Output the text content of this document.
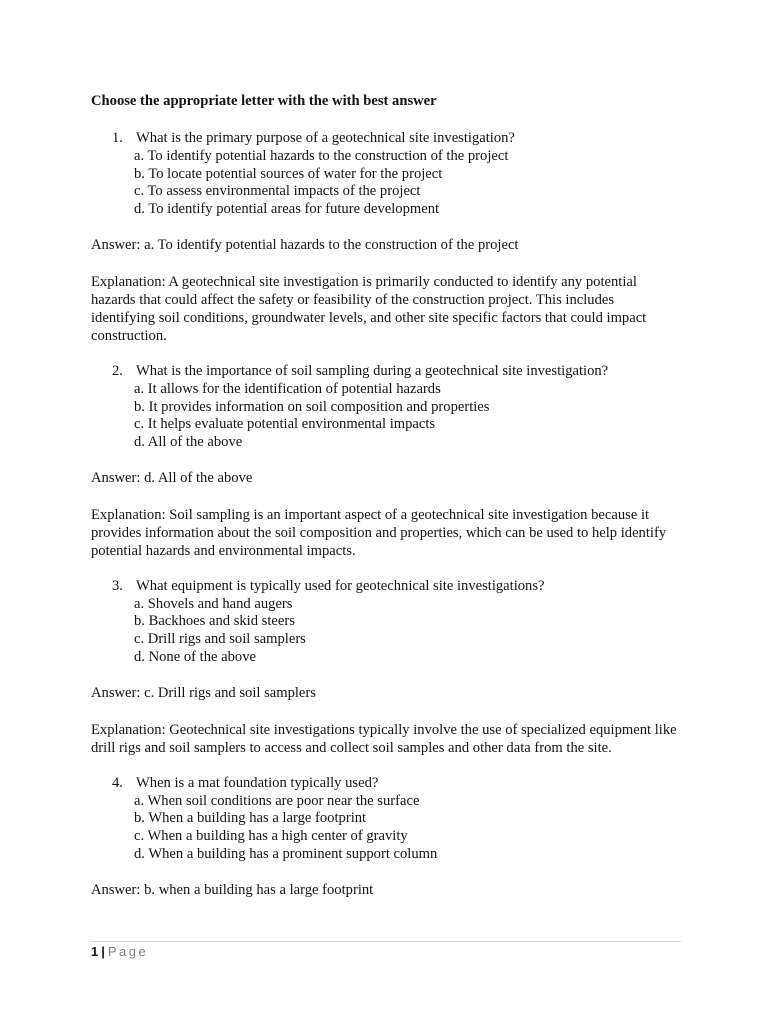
Choose the appropriate letter with the with best answer
1. What is the primary purpose of a geotechnical site investigation?
a. To identify potential hazards to the construction of the project
b. To locate potential sources of water for the project
c. To assess environmental impacts of the project
d. To identify potential areas for future development
Answer: a. To identify potential hazards to the construction of the project
Explanation: A geotechnical site investigation is primarily conducted to identify any potential hazards that could affect the safety or feasibility of the construction project. This includes identifying soil conditions, groundwater levels, and other site specific factors that could impact construction.
2. What is the importance of soil sampling during a geotechnical site investigation?
a. It allows for the identification of potential hazards
b. It provides information on soil composition and properties
c. It helps evaluate potential environmental impacts
d. All of the above
Answer: d. All of the above
Explanation: Soil sampling is an important aspect of a geotechnical site investigation because it provides information about the soil composition and properties, which can be used to help identify potential hazards and environmental impacts.
3. What equipment is typically used for geotechnical site investigations?
a. Shovels and hand augers
b. Backhoes and skid steers
c. Drill rigs and soil samplers
d. None of the above
Answer: c. Drill rigs and soil samplers
Explanation: Geotechnical site investigations typically involve the use of specialized equipment like drill rigs and soil samplers to access and collect soil samples and other data from the site.
4. When is a mat foundation typically used?
a. When soil conditions are poor near the surface
b. When a building has a large footprint
c. When a building has a high center of gravity
d. When a building has a prominent support column
Answer: b. when a building has a large footprint
1 | Page
